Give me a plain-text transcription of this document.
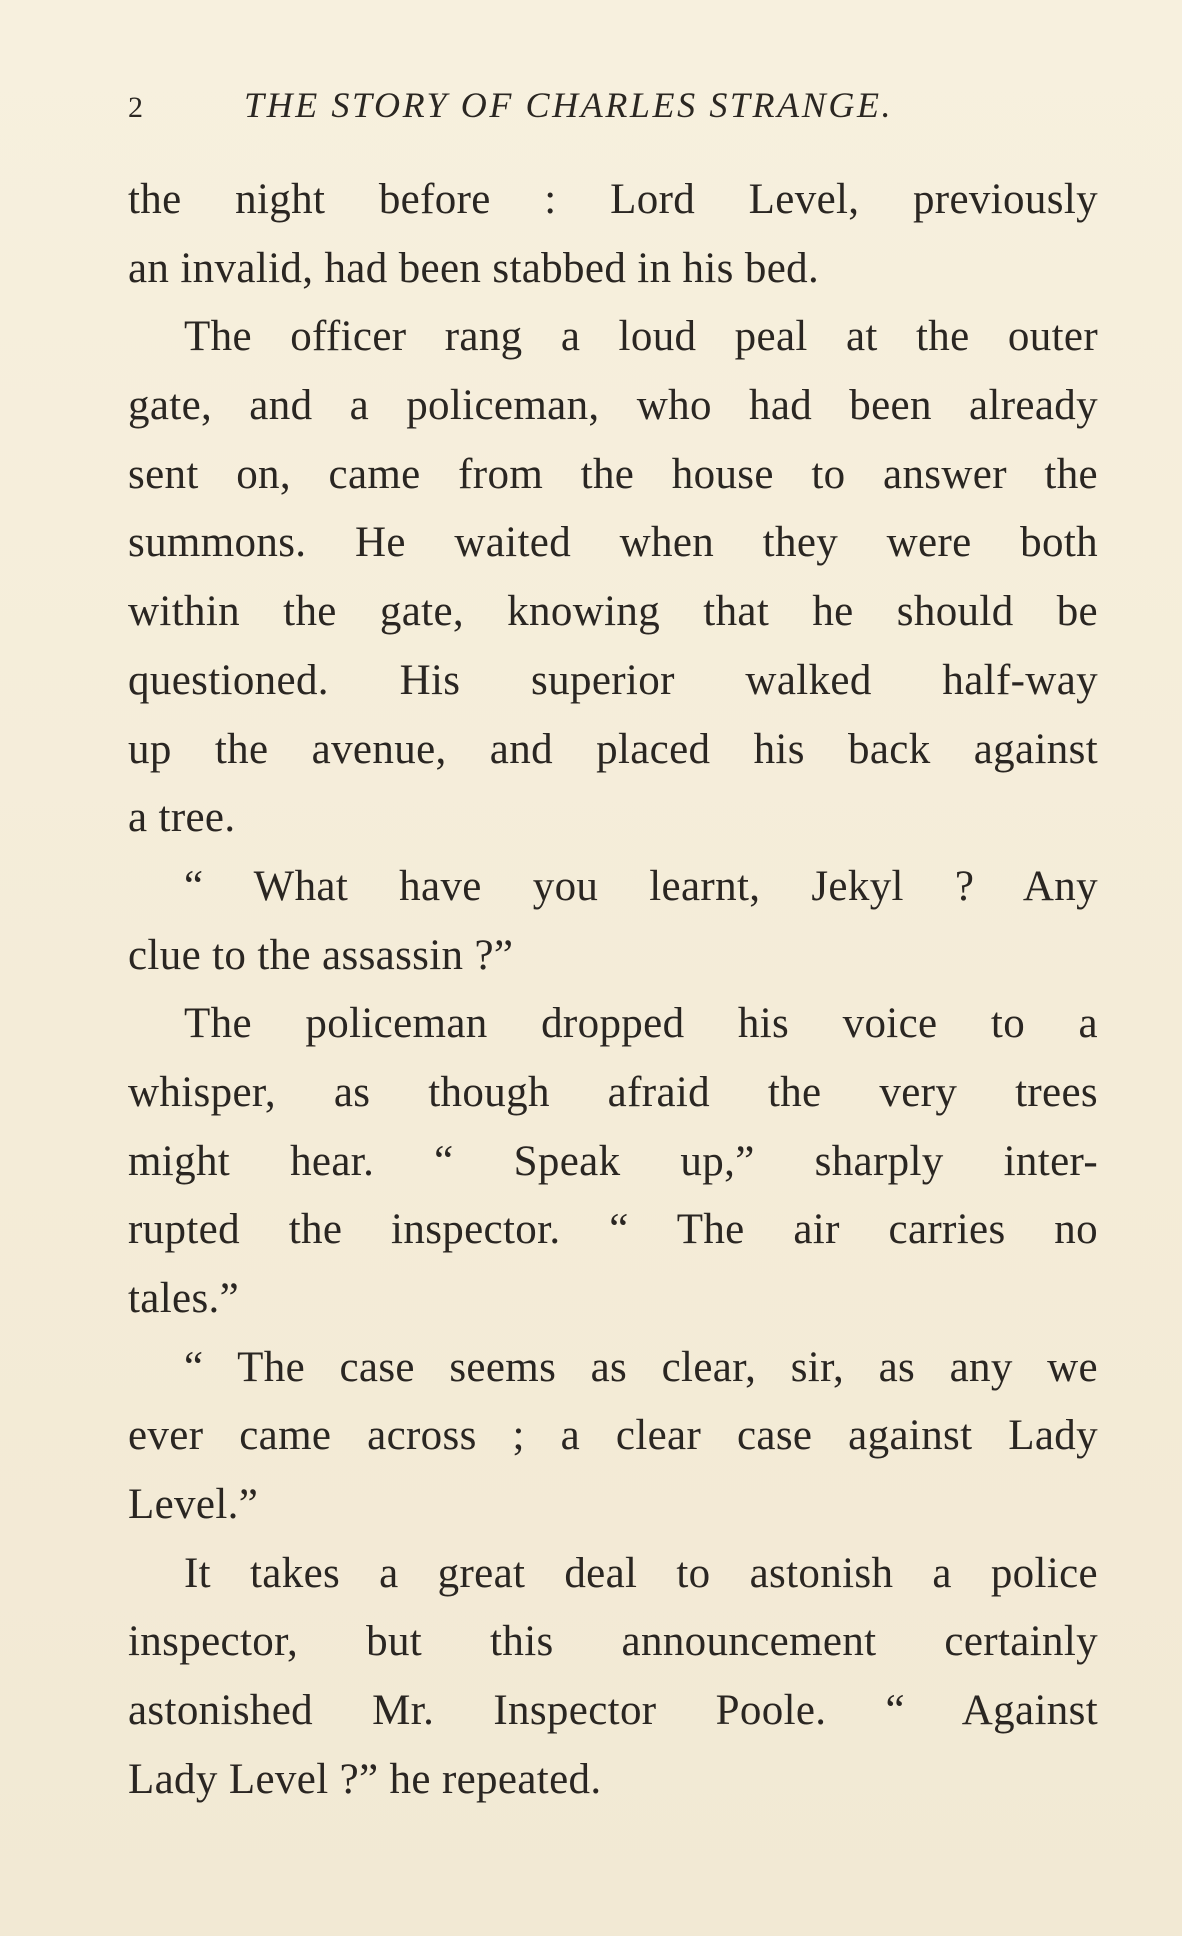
2	THE STORY OF CHARLES STRANGE.
the night before : Lord Level, previously
an invalid, had been stabbed in his bed.
The officer rang a loud peal at the outer
gate, and a policeman, who had been already
sent on, came from the house to answer the
summons. He waited when they were both
within the gate, knowing that he should be
questioned. His superior walked half-way
up the avenue, and placed his back against
a tree.
“ What have you learnt, Jekyl ? Any
clue to the assassin ?”
The policeman dropped his voice to a
whisper, as though afraid the very trees
might hear. “ Speak up,” sharply inter-
rupted the inspector. “ The air carries no
tales.”
“ The case seems as clear, sir, as any we
ever came across ; a clear case against Lady
Level.”
It takes a great deal to astonish a police
inspector, but this announcement certainly
astonished Mr. Inspector Poole. “ Against
Lady Level ?” he repeated.
